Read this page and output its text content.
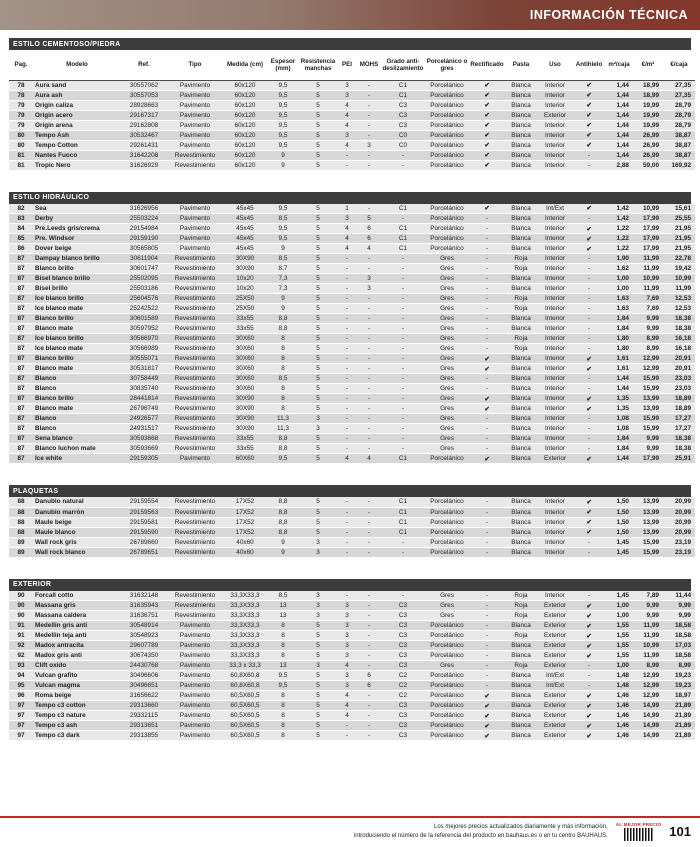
INFORMACIÓN TÉCNICA
ESTILO CEMENTOSO/PIEDRA
Pag.	Modelo	Ref.	Tipo	Medida (cm)	Espesor (mm)	Resistencia manchas	PEI	MOHS	Grado anti-deslizamiento	Porcelánico o gres	Rectificado	Pasta	Uso	Antihielo	m²/caja	€/m²	€/caja
78	Aura sand	30557062	Pavimento	60x120	9,5	5	3	-	C1	Porcelánico	✔	Blanca	Interior	✔	1,44	18,99	27,35
78	Aura ash	30557053	Pavimento	60x120	9,5	5	3	-	C1	Porcelánico	✔	Blanca	Interior	✔	1,44	18,99	27,35
79	Origin caliza	28928663	Pavimento	60x120	9,5	5	4	-	C3	Porcelánico	✔	Blanca	Interior	✔	1,44	19,99	28,79
79	Origin acero	29167317	Pavimento	60x120	9,5	5	4	-	C3	Porcelánico	✔	Blanca	Exterior	✔	1,44	19,99	28,79
79	Origin arena	29162808	Pavimento	60x120	9,5	5	4	-	C3	Porcelánico	✔	Blanca	Interior	✔	1,44	19,99	28,79
80	Tempo Ash	30532467	Pavimento	60x120	9,5	5	3	-	C0	Porcelánico	✔	Blanca	Interior	✔	1,44	26,99	38,87
80	Tempo Cotton	29261431	Pavimento	60x120	9,5	5	4	3	C0	Porcelánico	✔	Blanca	Interior	✔	1,44	26,99	38,87
81	Nantes Fuoco	31642208	Revestimiento	60x120	9	5	-	-	-	Porcelánico	✔	Blanca	Interior	-	1,44	26,99	38,87
81	Tropic Nero	31626929	Revestimiento	60x120	9	5	-	-	-	Porcelánico	✔	Blanca	Interior	-	2,88	59,00	169,92
ESTILO HIDRÁULICO
82	Sea	31626956	Pavimento	45x45	9,5	5	1	-	C1	Porcelánico	✔	Blanca	Int/Ext	✔	1,42	10,99	15,61
83	Derby	25503224	Pavimento	45x45	8,5	5	3	5	-	Porcelánico	-	Blanca	Interior	-	1,42	17,99	25,55
84	Pre.Leeds gris/crema	29154984	Pavimento	45x45	9,5	5	4	6	C1	Porcelánico	-	Blanca	Interior	✔	1,22	17,99	21,95
85	Pre. Windsor	29159190	Pavimento	45x45	9,5	5	4	6	C1	Porcelánico	-	Blanca	Interior	✔	1,22	17,99	21,95
86	Dover beige	30565805	Pavimento	45x45	9	5	4	4	C1	Porcelánico	-	Blanca	Interior	✔	1,22	17,99	21,95
87	Dampay blanco brillo	30611904	Revestimiento	30X90	8,5	5	-	-	-	Gres	-	Roja	Interior	-	1,90	11,99	22,78
87	Blanco brillo	30601747	Revestimiento	30X90	8,7	5	-	-	-	Gres	-	Roja	Interior	-	1,62	11,99	19,42
87	Bisel blanco brillo	25502095	Revestimiento	10x20	7,3	5	-	3	-	Gres	-	Blanca	Interior	-	1,00	10,99	10,99
87	Bisel brillo	25503186	Revestimiento	10x20	7,3	5	-	3	-	Gres	-	Blanca	Interior	-	1,00	11,99	11,99
87	Ice blanco brillo	25604576	Revestimiento	25X50	9	5	-	-	-	Gres	-	Roja	Interior	-	1,63	7,69	12,53
87	Ice blanco mate	25242522	Revestimiento	25X50	9	5	-	-	-	Gres	-	Roja	Interior	-	1,63	7,69	12,53
87	Blanco brillo	30601589	Revestimiento	33x55	8,8	5	-	-	-	Gres	-	Blanca	Interior	-	1,84	9,99	18,38
87	Blanco mate	30597952	Revestimiento	33x55	8,8	5	-	-	-	Gres	-	Blanca	Interior	-	1,84	9,99	18,38
87	Ice blanco brillo	30566970	Revestimiento	30X60	8	5	-	-	-	Gres	-	Roja	Interior	-	1,80	8,99	16,18
87	Ice blanco mate	30566989	Revestimiento	30X60	8	5	-	-	-	Gres	-	Roja	Interior	-	1,80	8,99	16,18
87	Blanco brillo	30555071	Revestimiento	30X60	8	5	-	-	-	Gres	✔	Blanca	Interior	✔	1,61	12,99	20,91
87	Blanco mate	30531817	Revestimiento	30X60	8	5	-	-	-	Gres	✔	Blanca	Interior	✔	1,61	12,99	20,91
87	Blanco	30758449	Revestimiento	30X60	8,5	5	-	-	-	Gres	-	Blanca	Interior	-	1,44	15,99	23,03
87	Blanco	30835740	Revestimiento	30X60	8	5	-	-	-	Gres	-	Blanca	Interior	-	1,44	15,99	23,03
87	Blanco brillo	28441814	Revestimiento	30X90	8	5	-	-	-	Gres	✔	Blanca	Interior	✔	1,35	13,99	18,89
87	Blanco mate	26796749	Revestimiento	30X90	8	5	-	-	-	Gres	✔	Blanca	Interior	✔	1,35	13,99	18,89
87	Blanco	24926577	Revestimiento	30X90	11,3	3	-	-	-	Gres	-	Blanca	Interior	-	1,08	15,99	17,27
87	Blanco	24931517	Revestimiento	30X90	11,3	3	-	-	-	Gres	-	Blanca	Interior	-	1,08	15,99	17,27
87	Sena blanco	30593668	Revestimiento	33x55	8,8	5	-	-	-	Gres	-	Blanca	Interior	-	1,84	9,99	18,38
87	Blanco luchon mate	30593669	Revestimiento	33x55	8,8	5	-	-	-	Gres	-	Blanca	Interior	-	1,84	9,99	18,38
87	Ice white	29159305	Pavimento	60X60	9,5	5	4	4	C1	Porcelánico	✔	Blanca	Exterior	✔	1,44	17,99	25,91
PLAQUETAS
88	Danubio natural	29159554	Revestimiento	17X52	8,8	5	-	-	C1	Porcelánico	-	Blanca	Interior	✔	1,50	13,99	20,99
88	Danubio marrón	29159563	Revestimiento	17X52	8,8	5	-	-	C1	Porcelánico	-	Blanca	Interior	✔	1,50	13,99	20,99
88	Maule beige	29159581	Revestimiento	17X52	8,8	5	-	-	C1	Porcelánico	-	Blanca	Interior	✔	1,50	13,99	20,99
88	Maule blanco	29159590	Revestimiento	17X52	8,8	5	-	-	C1	Porcelánico	-	Blanca	Interior	✔	1,50	13,99	20,99
89	Wall rock gris	26789660	Revestimiento	40x60	9	3	-	-	-	Porcelánico	-	Blanca	Interior	-	1,45	15,99	23,19
89	Wall rock blanco	26789651	Revestimiento	40x60	9	3	-	-	-	Porcelánico	-	Blanca	Interior	-	1,45	15,99	23,19
EXTERIOR
90	Forcall cotto	31632148	Revestimiento	33,3X33,3	8,5	3	-	-	-	Gres	-	Roja	Interior	-	1,45	7,89	11,44
90	Massana gris	31635943	Revestimiento	33,3X33,3	13	3	3	-	C3	Gres	-	Roja	Exterior	✔	1,00	9,99	9,99
90	Massana caldera	31636751	Revestimiento	33,3X33,3	13	3	3	-	C3	Gres	-	Roja	Exterior	✔	1,00	9,99	9,99
91	Medellin gris anti	30548914	Pavimento	33,3X33,3	8	5	3	-	C3	Porcelánico	-	Blanca	Exterior	✔	1,55	11,99	18,58
91	Medellin teja anti	30548923	Pavimento	33,3X33,3	8	5	3	-	C3	Porcelánico	-	Roja	Exterior	✔	1,55	11,99	18,58
92	Madox antracita	29607789	Pavimento	33,3X33,3	8	5	3	-	C3	Porcelánico	-	Blanca	Exterior	✔	1,55	10,99	17,03
92	Madox gris anti	30674350	Pavimento	33,3X33,3	8	5	3	-	C3	Porcelánico	-	Blanca	Exterior	✔	1,55	11,99	18,58
93	Clift oxido	24430768	Pavimento	33,3 x 33,3	13	3	4	-	C3	Gres	-	Roja	Exterior	-	1,00	8,99	8,99
94	Vulcan grafito	30496606	Pavimento	60,8X60,8	9,5	5	3	6	C2	Porcelánico	-	Blanca	Int/Ext	-	1,48	12,99	19,23
95	Vulcan magma	30496651	Pavimento	60,8X60,8	9,5	5	3	6	C2	Porcelánico	-	Blanca	Int/Ext	-	1,48	12,99	19,23
96	Roma beige	31656622	Pavimento	60,5X60,5	8	5	4	-	C2	Porcelánico	✔	Blanca	Exterior	✔	1,46	12,99	18,97
97	Tempo c3 cotton	29313660	Pavimento	60,5X60,5	8	5	4	-	C3	Porcelánico	✔	Blanca	Exterior	✔	1,46	14,99	21,89
97	Tempo c3 nature	29332115	Pavimento	60,5X60,5	8	5	4	-	C3	Porcelánico	✔	Blanca	Exterior	✔	1,46	14,99	21,89
97	Tempo c3 ash	29313651	Pavimento	60,5X60,5	8	5	-	-	C3	Porcelánico	✔	Blanca	Exterior	✔	1,46	14,99	21,89
97	Tempo c3 dark	29313855	Pavimento	60,5X60,5	8	5	-	-	C3	Porcelánico	✔	Blanca	Exterior	✔	1,46	14,99	21,89
Los mejores precios actualizados diariamente y más información,
introduciendo el número de la referencia del producto en bauhaus.es o en tu centro BAUHAUS.
AL MEJOR PRECIO 101
